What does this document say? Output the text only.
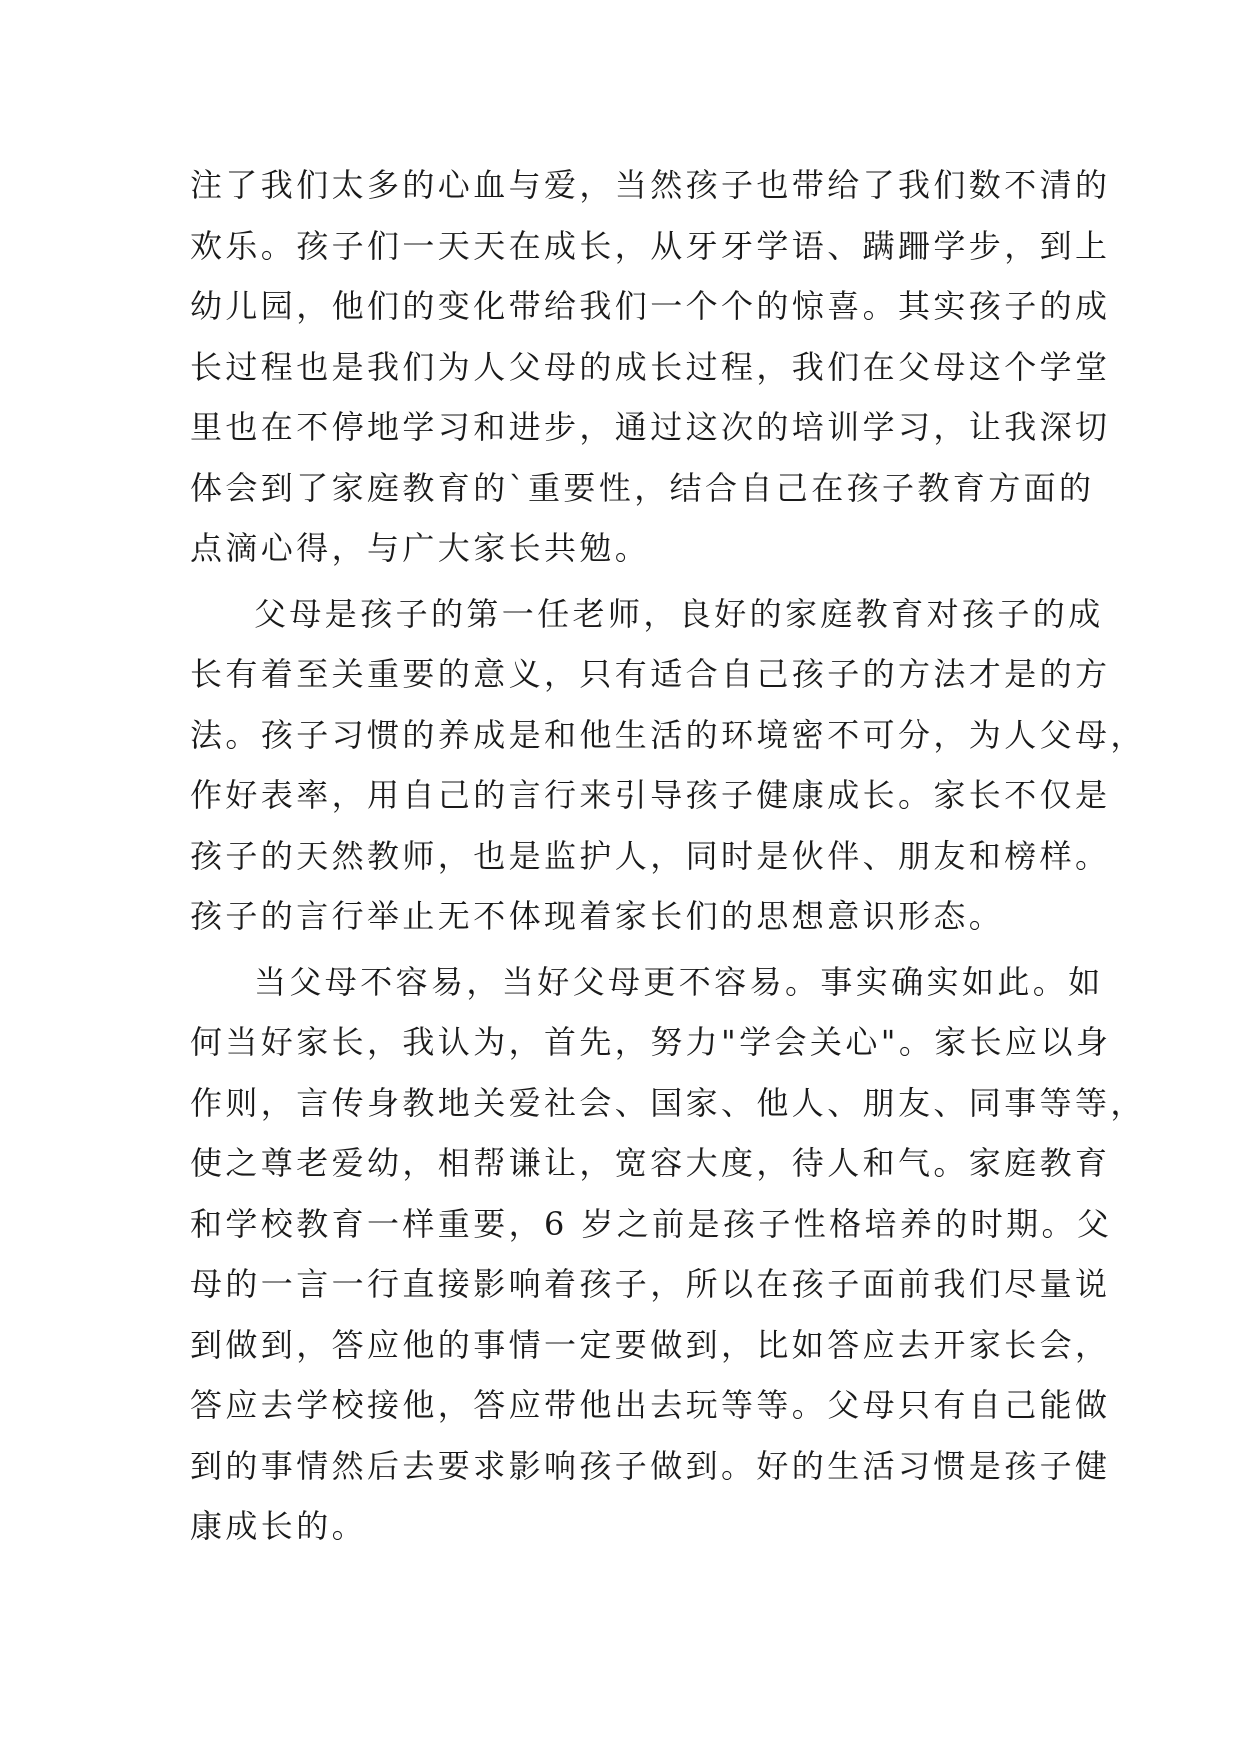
注了我们太多的心血与爱，当然孩子也带给了我们数不清的
欢乐。孩子们一天天在成长，从牙牙学语、蹒跚学步，到上
幼儿园，他们的变化带给我们一个个的惊喜。其实孩子的成
长过程也是我们为人父母的成长过程，我们在父母这个学堂
里也在不停地学习和进步，通过这次的培训学习，让我深切
体会到了家庭教育的`重要性，结合自己在孩子教育方面的
点滴心得，与广大家长共勉。
父母是孩子的第一任老师，良好的家庭教育对孩子的成
长有着至关重要的意义，只有适合自己孩子的方法才是的方
法。孩子习惯的养成是和他生活的环境密不可分，为人父母，
作好表率，用自己的言行来引导孩子健康成长。家长不仅是
孩子的天然教师，也是监护人，同时是伙伴、朋友和榜样。
孩子的言行举止无不体现着家长们的思想意识形态。
当父母不容易，当好父母更不容易。事实确实如此。如
何当好家长，我认为，首先，努力"学会关心"。家长应以身
作则，言传身教地关爱社会、国家、他人、朋友、同事等等，
使之尊老爱幼，相帮谦让，宽容大度，待人和气。家庭教育
和学校教育一样重要，6 岁之前是孩子性格培养的时期。父
母的一言一行直接影响着孩子，所以在孩子面前我们尽量说
到做到，答应他的事情一定要做到，比如答应去开家长会，
答应去学校接他，答应带他出去玩等等。父母只有自己能做
到的事情然后去要求影响孩子做到。好的生活习惯是孩子健
康成长的。
